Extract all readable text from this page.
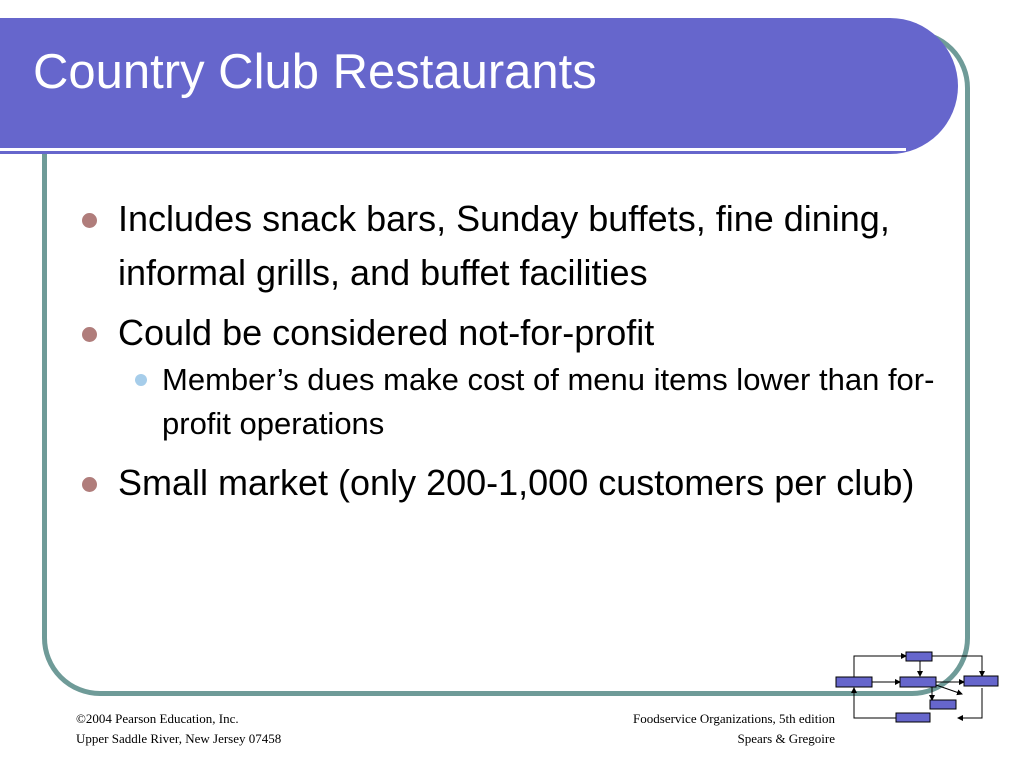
Country Club Restaurants
Includes snack bars, Sunday buffets, fine dining, informal grills, and buffet facilities
Could be considered not-for-profit
Member’s dues make cost of menu items lower than for-profit operations
Small market (only 200-1,000 customers per club)
©2004 Pearson Education, Inc.
Upper Saddle River, New Jersey 07458
Foodservice Organizations, 5th edition
Spears & Gregoire
